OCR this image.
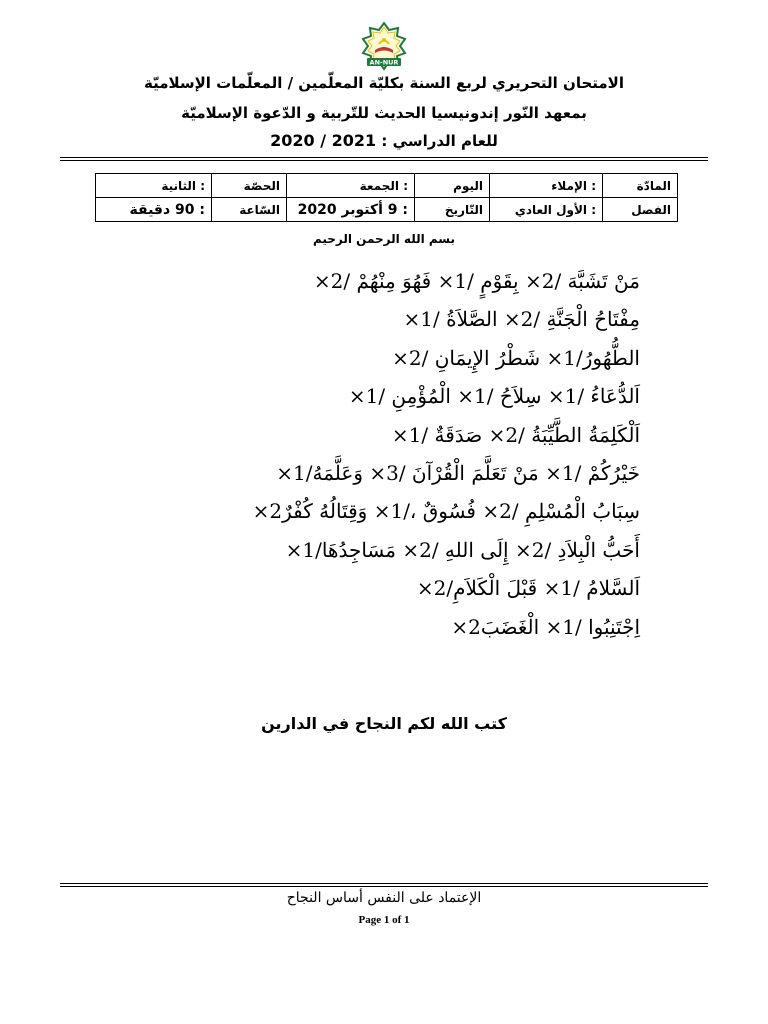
AN-NUR
الامتحان التحريري لربع السنة بكليّة المعلّمين / المعلّمات الإسلاميّة
بمعهد النّور إندونيسيا الحديث للتّربية و الدّعوة الإسلاميّة
للعام الدراسي : 2020 / 2021
المادّة	: الإملاء	اليوم	: الجمعة	الحصّة	: الثانية
الفصل	: الأول العادي	التّاريخ	: 9 أكتوبر 2020	السّاعة	: 90 دقيقة
بسم الله الرحمن الرحيم
مَنْ تَشَبَّهَ /2× بِقَوْمٍ /1× فَهُوَ مِنْهُمْ /2×
مِفْتَاحُ الْجَنَّةِ /2× الصَّلاَةُ /1×
الطُّهُورُ/1× شَطْرُ الإِيمَانِ /2×
اَلدُّعَاءُ /1× سِلاَحُ /1× الْمُؤْمِنِ /1×
اَلْكَلِمَةُ الطَّيِّبَةُ /2× صَدَقَةٌ /1×
خَيْرُكُمْ /1× مَنْ تَعَلَّمَ الْقُرْآنَ /3× وَعَلَّمَهُ/1×
سِبَابُ الْمُسْلِمِ /2× فُسُوقٌ ،/1× وَقِتَالُهُ كُفْرٌ2×
أَحَبُّ الْبِلاَدِ /2× إِلَى اللهِ /2× مَسَاجِدُهَا/1×
اَلسَّلامُ /1× قَبْلَ الْكَلاَمِ/2×
اِجْتَنِبُوا /1× الْغَضَبَ2×
كتب الله لكم النجاح في الدارين
الإعتماد على النفس أساس النجاح
Page 1 of 1
